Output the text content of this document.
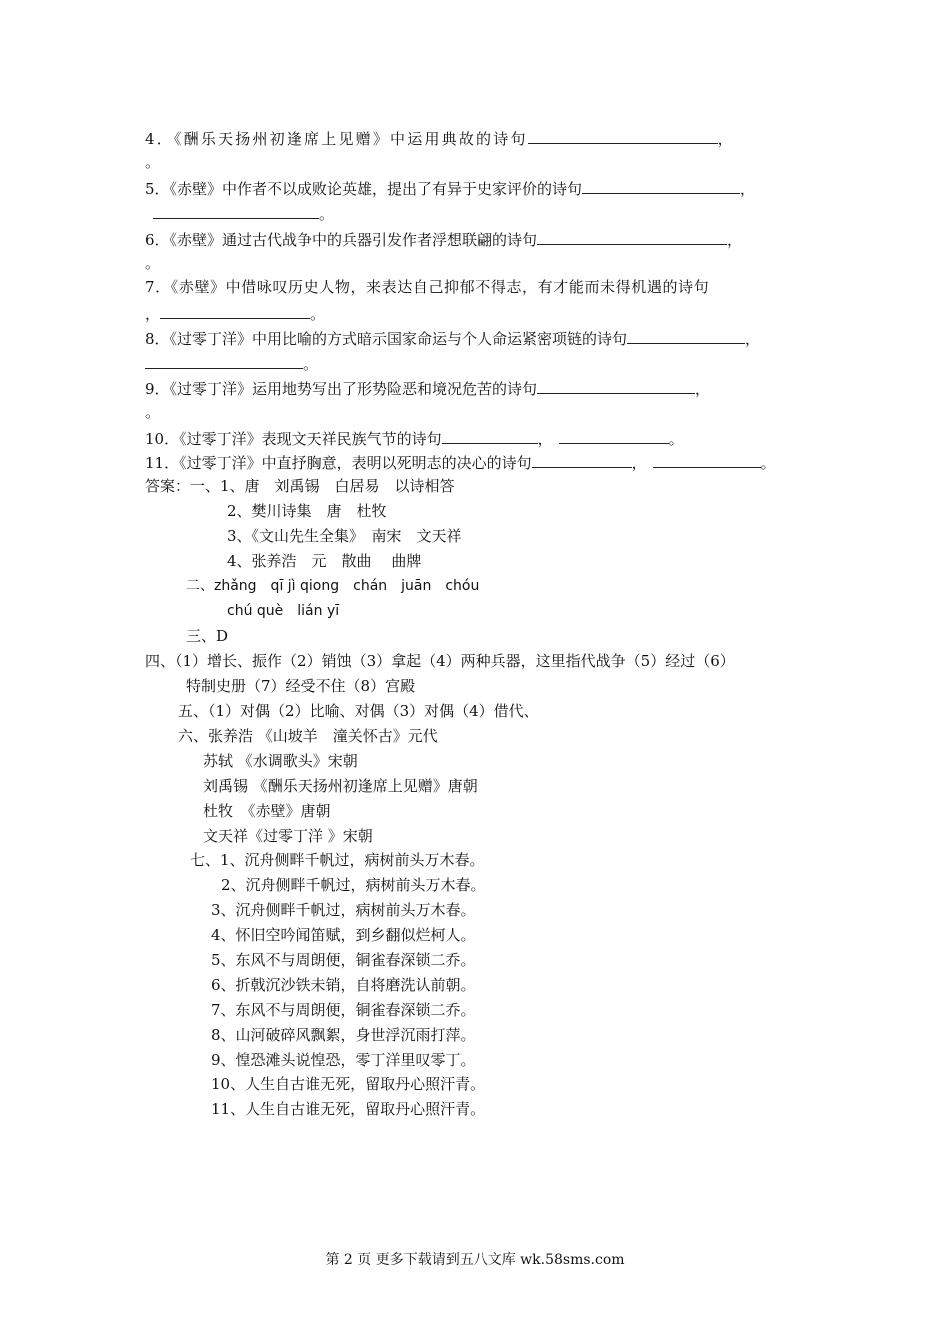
4．《酬乐天扬州初逢席上见赠》中运用典故的诗句	，
。
5．《赤壁》中作者不以成败论英雄，提出了有异于史家评价的诗句	，
。
6．《赤壁》通过古代战争中的兵器引发作者浮想联翩的诗句	，
。
7．《赤壁》中借咏叹历史人物，来表达自己抑郁不得志，有才能而未得机遇的诗句
，	。
8．《过零丁洋》中用比喻的方式暗示国家命运与个人命运紧密项链的诗句	，
。
9．《过零丁洋》运用地势写出了形势险恶和境况危苦的诗句	，
。
10．《过零丁洋》表现文天祥民族气节的诗句	，	。
11．《过零丁洋》中直抒胸意，表明以死明志的决心的诗句	，	。
答案：一、1、唐　刘禹锡　白居易　以诗相答
2、樊川诗集　唐　杜牧
3、《文山先生全集》　南宋　文天祥
4、张养浩　元　散曲　 曲牌
二、zhǎng　qī jì qiong　chán　juān　chóu
chú què　lián yī
三、D
四、（1）增长、振作（2）销蚀（3）拿起（4）两种兵器，这里指代战争（5）经过（6）
特制史册（7）经受不住（8）宫殿
五、（1）对偶（2）比喻、对偶（3）对偶（4）借代、
六、张养浩 《山坡羊　潼关怀古》元代
苏轼 《水调歌头》宋朝
刘禹锡 《酬乐天扬州初逢席上见赠》唐朝
杜牧　《赤壁》唐朝
文天祥《过零丁洋 》宋朝
七、1、沉舟侧畔千帆过，病树前头万木春。
2、沉舟侧畔千帆过，病树前头万木春。
3、沉舟侧畔千帆过，病树前头万木春。
4、怀旧空吟闻笛赋，到乡翻似烂柯人。
5、东风不与周朗便，铜雀春深锁二乔。
6、折戟沉沙铁未销，自将磨洗认前朝。
7、东风不与周朗便，铜雀春深锁二乔。
8、山河破碎风飘絮，身世浮沉雨打萍。
9、惶恐滩头说惶恐，零丁洋里叹零丁。
10、人生自古谁无死，留取丹心照汗青。
11、人生自古谁无死，留取丹心照汗青。
第 2 页 更多下载请到五八文库 wk.58sms.com
